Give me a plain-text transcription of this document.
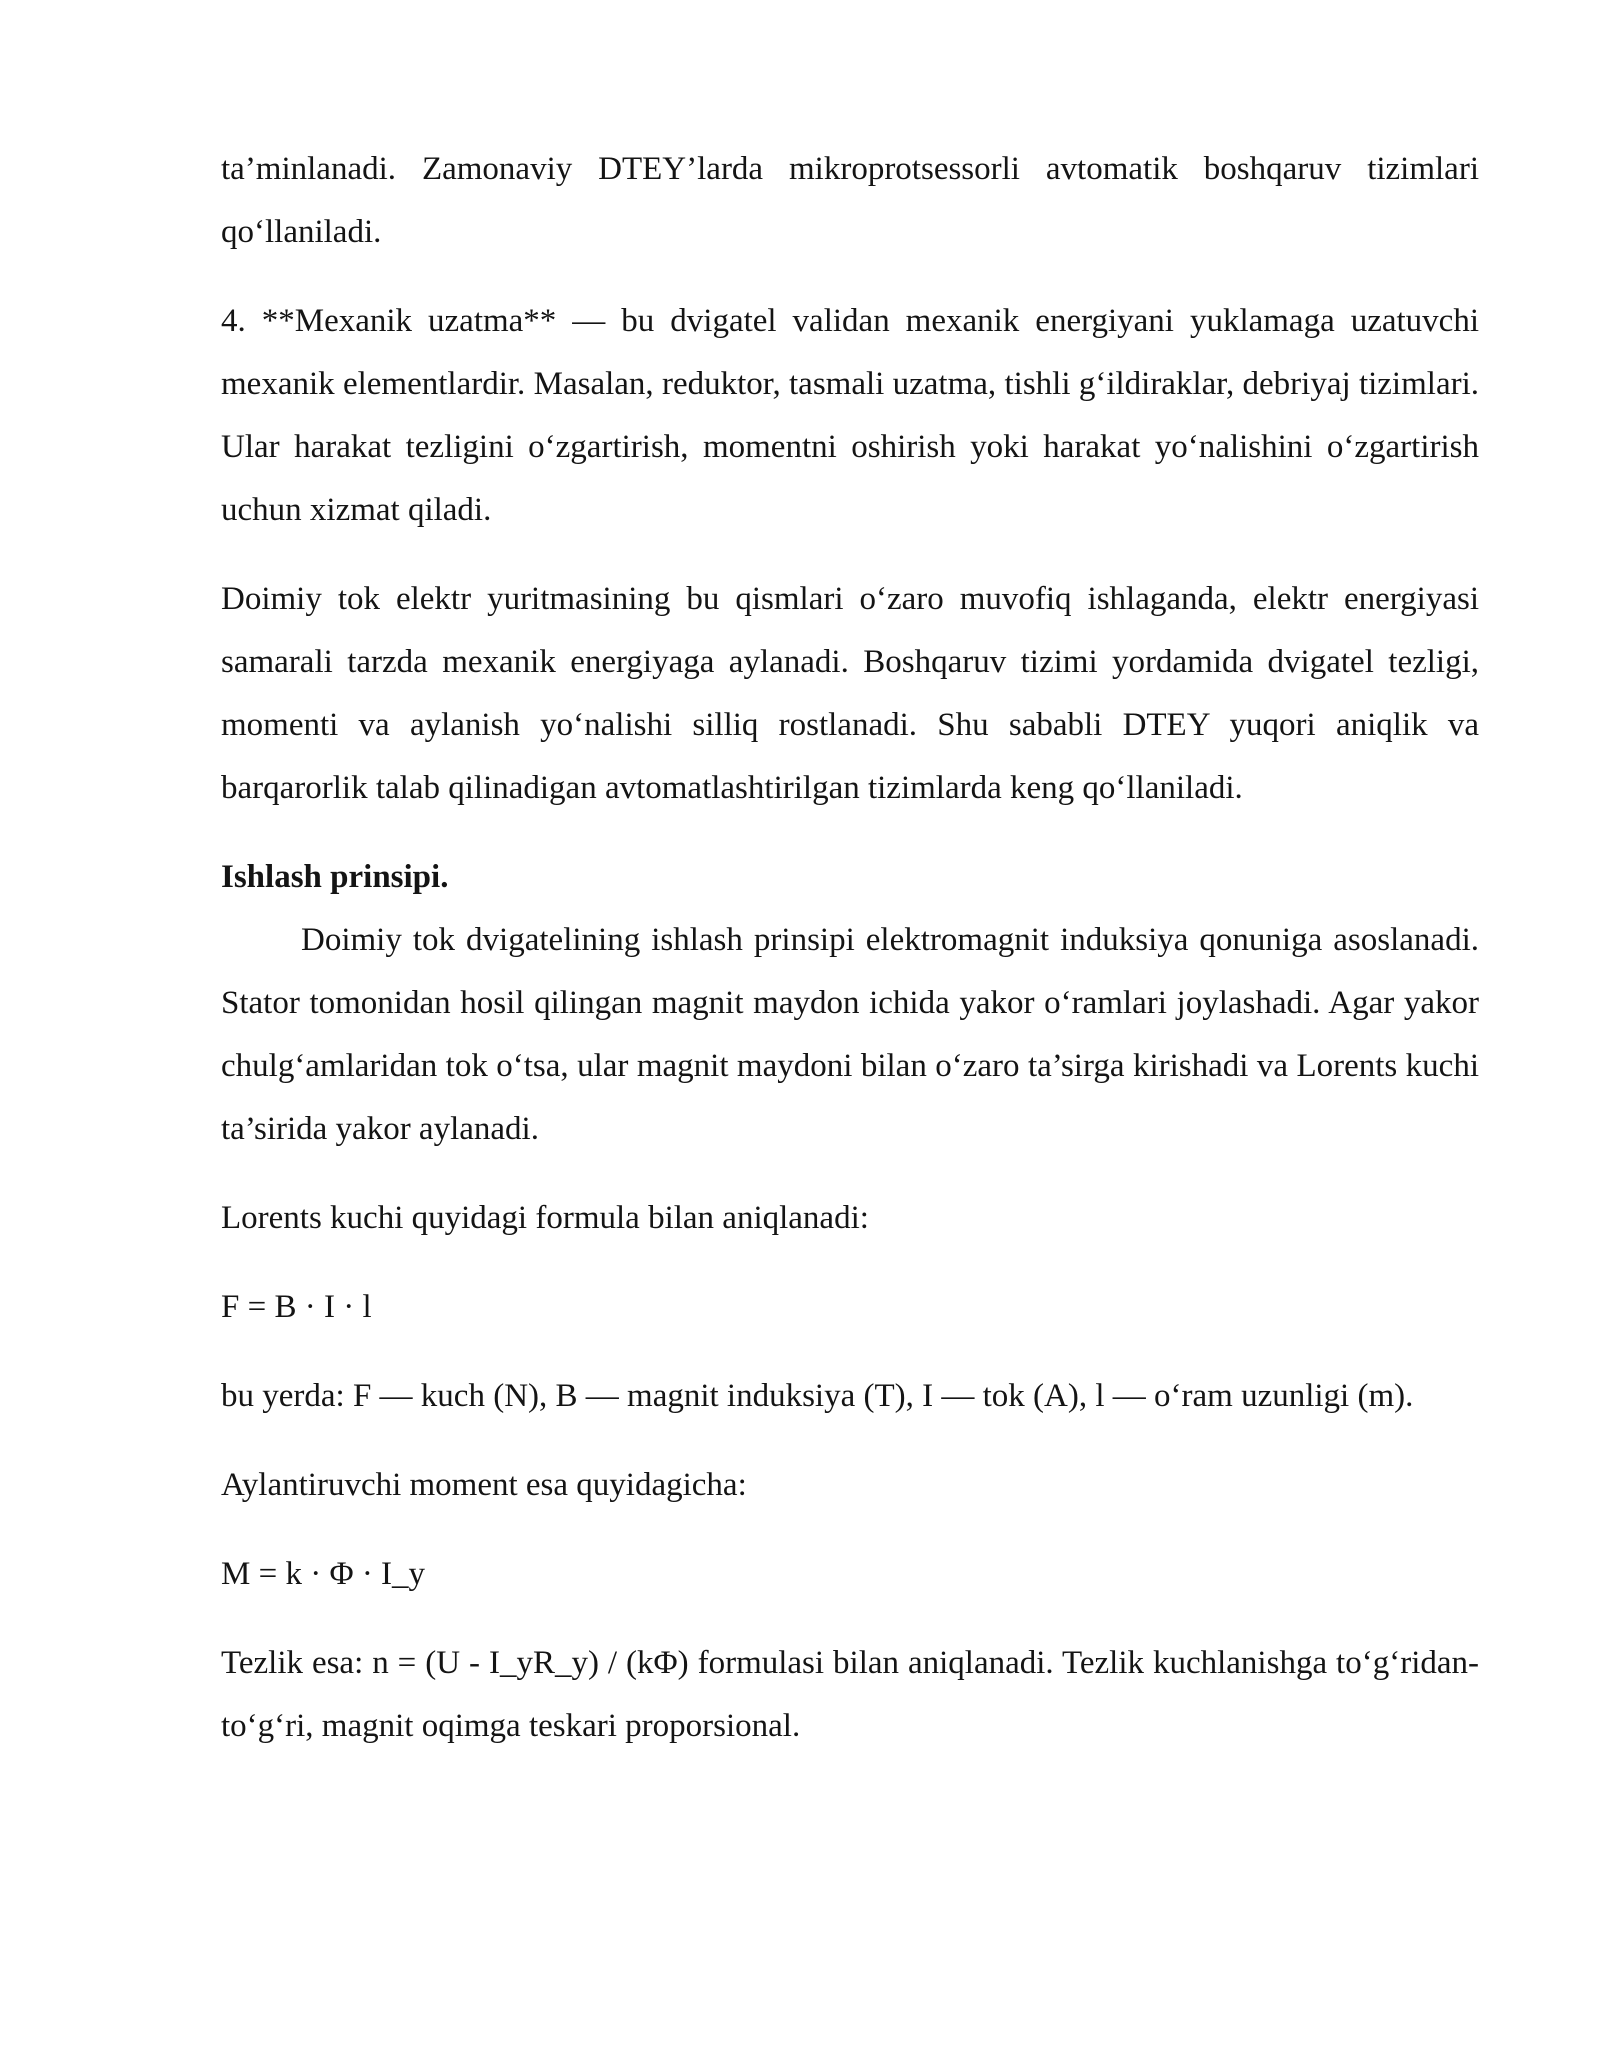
ta’minlanadi. Zamonaviy DTEY’larda mikroprotsessorli avtomatik boshqaruv tizimlari qo‘llaniladi.

4. **Mexanik uzatma** — bu dvigatel validan mexanik energiyani yuklamaga uzatuvchi mexanik elementlardir. Masalan, reduktor, tasmali uzatma, tishli g‘ildiraklar, debriyaj tizimlari. Ular harakat tezligini o‘zgartirish, momentni oshirish yoki harakat yo‘nalishini o‘zgartirish uchun xizmat qiladi.

Doimiy tok elektr yuritmasining bu qismlari o‘zaro muvofiq ishlaganda, elektr energiyasi samarali tarzda mexanik energiyaga aylanadi. Boshqaruv tizimi yordamida dvigatel tezligi, momenti va aylanish yo‘nalishi silliq rostlanadi. Shu sababli DTEY yuqori aniqlik va barqarorlik talab qilinadigan avtomatlashtirilgan tizimlarda keng qo‘llaniladi.

Ishlash prinsipi.

Doimiy tok dvigatelining ishlash prinsipi elektromagnit induksiya qonuniga asoslanadi. Stator tomonidan hosil qilingan magnit maydon ichida yakor o‘ramlari joylashadi. Agar yakor chulg‘amlaridan tok o‘tsa, ular magnit maydoni bilan o‘zaro ta’sirga kirishadi va Lorents kuchi ta’sirida yakor aylanadi.

Lorents kuchi quyidagi formula bilan aniqlanadi:

F = B · I · l

bu yerda: F — kuch (N), B — magnit induksiya (T), I — tok (A), l — o‘ram uzunligi (m).

Aylantiruvchi moment esa quyidagicha:

M = k · Φ · I_y

Tezlik esa: n = (U - I_yR_y) / (kΦ) formulasi bilan aniqlanadi. Tezlik kuchlanishga to‘g‘ridan-to‘g‘ri, magnit oqimga teskari proporsional.
